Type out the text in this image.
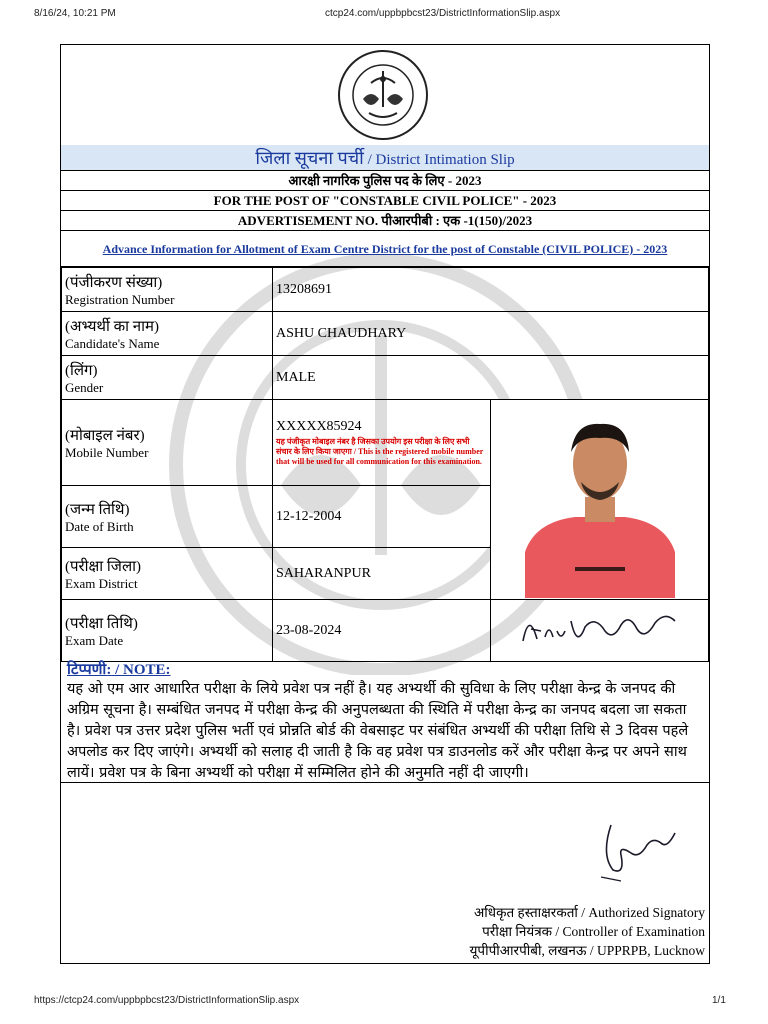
8/16/24, 10:21 PM	ctcp24.com/uppbpbcst23/DistrictInformationSlip.aspx
जिला सूचना पर्ची / District Intimation Slip
आरक्षी नागरिक पुलिस पद के लिए - 2023
FOR THE POST OF "CONSTABLE CIVIL POLICE" - 2023
ADVERTISEMENT NO. पीआरपीबी : एक -1(150)/2023
Advance Information for Allotment of Exam Centre District for the post of Constable (CIVIL POLICE) - 2023
(पंजीकरण संख्या)
Registration Number	13208691	

(अभ्यर्थी का नाम)
Candidate's Name	ASHU CHAUDHARY	

(लिंग)
Gender	MALE	

(मोबाइल नंबर)
Mobile Number	XXXXX85924
यह पंजीकृत मोबाइल नंबर है जिसका उपयोग इस परीक्षा के लिए सभी संचार के लिए किया जाएगा / This is the registered mobile number that will be used for all communication for this examination.

(जन्म तिथि)
Date of Birth	12-12-2004	

(परीक्षा जिला)
Exam District	SAHARANPUR	

(परीक्षा तिथि)
Exam Date	23-08-2024	
टिप्पणी: / NOTE:
यह ओ एम आर आधारित परीक्षा के लिये प्रवेश पत्र नहीं है। यह अभ्यर्थी की सुविधा के लिए परीक्षा केन्द्र के जनपद की अग्रिम सूचना है। सम्बंधित जनपद में परीक्षा केन्द्र की अनुपलब्धता की स्थिति में परीक्षा केन्द्र का जनपद बदला जा सकता है। प्रवेश पत्र उत्तर प्रदेश पुलिस भर्ती एवं प्रोन्नति बोर्ड की वेबसाइट पर संबंधित अभ्यर्थी की परीक्षा तिथि से 3 दिवस पहले अपलोड कर दिए जाएंगे। अभ्यर्थी को सलाह दी जाती है कि वह प्रवेश पत्र डाउनलोड करें और परीक्षा केन्द्र पर अपने साथ लायें। प्रवेश पत्र के बिना अभ्यर्थी को परीक्षा में सम्मिलित होने की अनुमति नहीं दी जाएगी।
अधिकृत हस्ताक्षरकर्ता / Authorized Signatory
परीक्षा नियंत्रक / Controller of Examination
यूपीपीआरपीबी, लखनऊ / UPPRPB, Lucknow
https://ctcp24.com/uppbpbcst23/DistrictInformationSlip.aspx	1/1
